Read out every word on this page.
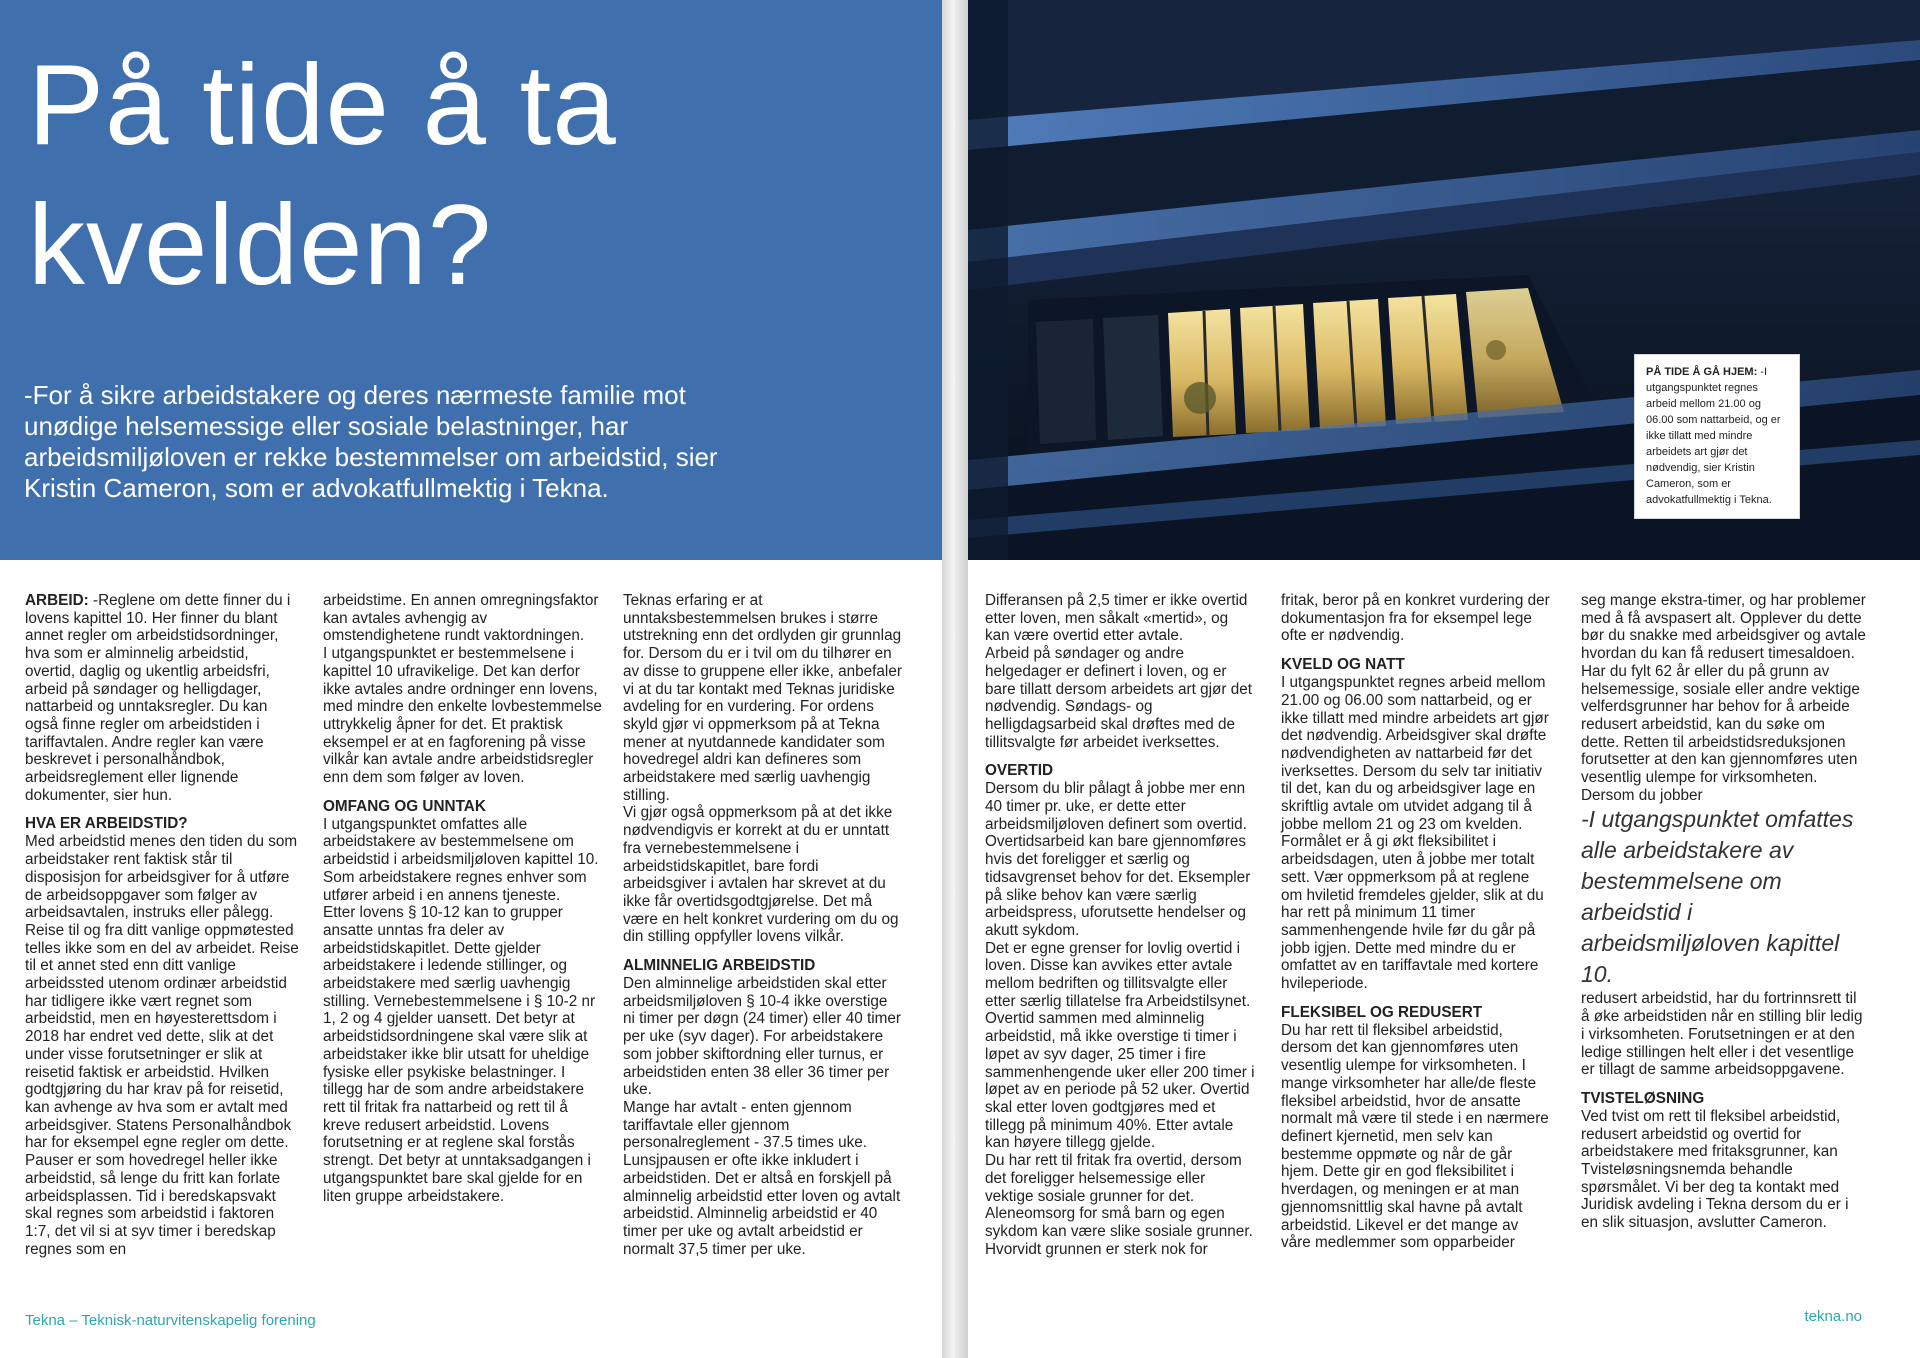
På tide å ta kvelden?

-For å sikre arbeidstakere og deres nærmeste familie mot unødige helsemessige eller sosiale belastninger, har arbeidsmiljøloven er rekke bestemmelser om arbeidstid, sier Kristin Cameron, som er advokatfullmektig i Tekna.

ARBEID: -Reglene om dette finner du i lovens kapittel 10. Her finner du blant annet regler om arbeidstidsordninger, hva som er alminnelig arbeidstid, overtid, daglig og ukentlig arbeidsfri, arbeid på søndager og helligdager, nattarbeid og unntaksregler. Du kan også finne regler om arbeidstiden i tariffavtalen. Andre regler kan være beskrevet i personalhåndbok, arbeidsreglement eller lignende dokumenter, sier hun.

HVA ER ARBEIDSTID?

Med arbeidstid menes den tiden du som arbeidstaker rent faktisk står til disposisjon for arbeidsgiver for å utføre de arbeidsoppgaver som følger av arbeidsavtalen, instruks eller pålegg. Reise til og fra ditt vanlige oppmøtested telles ikke som en del av arbeidet. Reise til et annet sted enn ditt vanlige arbeidssted utenom ordinær arbeidstid har tidligere ikke vært regnet som arbeidstid, men en høyesterettsdom i 2018 har endret ved dette, slik at det under visse forutsetninger er slik at reisetid faktisk er arbeidstid. Hvilken godtgjøring du har krav på for reisetid, kan avhenge av hva som er avtalt med arbeidsgiver. Statens Personalhåndbok har for eksempel egne regler om dette. Pauser er som hovedregel heller ikke arbeidstid, så lenge du fritt kan forlate arbeidsplassen. Tid i beredskapsvakt skal regnes som arbeidstid i faktoren 1:7, det vil si at syv timer i beredskap regnes som en

arbeidstime. En annen omregningsfaktor kan avtales avhengig av omstendighetene rundt vaktordningen.

I utgangspunktet er bestemmelsene i kapittel 10 ufravikelige. Det kan derfor ikke avtales andre ordninger enn lovens, med mindre den enkelte lovbestemmelse uttrykkelig åpner for det. Et praktisk eksempel er at en fagforening på visse vilkår kan avtale andre arbeidstidsregler enn dem som følger av loven.

OMFANG OG UNNTAK

I utgangspunktet omfattes alle arbeidstakere av bestemmelsene om arbeidstid i arbeidsmiljøloven kapittel 10. Som arbeidstakere regnes enhver som utfører arbeid i en annens tjeneste.

Etter lovens § 10-12 kan to grupper ansatte unntas fra deler av arbeidstidskapitlet. Dette gjelder arbeidstakere i ledende stillinger, og arbeidstakere med særlig uavhengig stilling. Vernebestemmelsene i § 10-2 nr 1, 2 og 4 gjelder uansett. Det betyr at arbeidstidsordningene skal være slik at arbeidstaker ikke blir utsatt for uheldige fysiske eller psykiske belastninger. I tillegg har de som andre arbeidstakere rett til fritak fra nattarbeid og rett til å kreve redusert arbeidstid. Lovens forutsetning er at reglene skal forstås strengt. Det betyr at unntaksadgangen i utgangspunktet bare skal gjelde for en liten gruppe arbeidstakere.

Teknas erfaring er at unntaksbestemmelsen brukes i større utstrekning enn det ordlyden gir grunnlag for. Dersom du er i tvil om du tilhører en av disse to gruppene eller ikke, anbefaler vi at du tar kontakt med Teknas juridiske avdeling for en vurdering. For ordens skyld gjør vi oppmerksom på at Tekna mener at nyutdannede kandidater som hovedregel aldri kan defineres som arbeidstakere med særlig uavhengig stilling.

Vi gjør også oppmerksom på at det ikke nødvendigvis er korrekt at du er unntatt fra vernebestemmelsene i arbeidstidskapitlet, bare fordi arbeidsgiver i avtalen har skrevet at du ikke får overtidsgodtgjørelse. Det må være en helt konkret vurdering om du og din stilling oppfyller lovens vilkår.

ALMINNELIG ARBEIDSTID

Den alminnelige arbeidstiden skal etter arbeidsmiljøloven § 10-4 ikke overstige ni timer per døgn (24 timer) eller 40 timer per uke (syv dager). For arbeidstakere som jobber skiftordning eller turnus, er arbeidstiden enten 38 eller 36 timer per uke.

Mange har avtalt - enten gjennom tariffavtale eller gjennom personalreglement - 37.5 times uke. Lunsjpausen er ofte ikke inkludert i arbeidstiden. Det er altså en forskjell på alminnelig arbeidstid etter loven og avtalt arbeidstid. Alminnelig arbeidstid er 40 timer per uke og avtalt arbeidstid er normalt 37,5 timer per uke.

Tekna – Teknisk-naturvitenskapelig forening
PÅ TIDE Å GÅ HJEM: -I utgangspunktet regnes arbeid mellom 21.00 og 06.00 som nattarbeid, og er ikke tillatt med mindre arbeidets art gjør det nødvendig, sier Kristin Cameron, som er advokatfullmektig i Tekna.

Differansen på 2,5 timer er ikke overtid etter loven, men såkalt «mertid», og kan være overtid etter avtale.

Arbeid på søndager og andre helgedager er definert i loven, og er bare tillatt dersom arbeidets art gjør det nødvendig. Søndags- og helligdagsarbeid skal drøftes med de tillitsvalgte før arbeidet iverksettes.

OVERTID

Dersom du blir pålagt å jobbe mer enn 40 timer pr. uke, er dette etter arbeidsmiljøloven definert som overtid. Overtidsarbeid kan bare gjennomføres hvis det foreligger et særlig og tidsavgrenset behov for det. Eksempler på slike behov kan være særlig arbeidspress, uforutsette hendelser og akutt sykdom.

Det er egne grenser for lovlig overtid i loven. Disse kan avvikes etter avtale mellom bedriften og tillitsvalgte eller etter særlig tillatelse fra Arbeidstilsynet. Overtid sammen med alminnelig arbeidstid, må ikke overstige ti timer i løpet av syv dager, 25 timer i fire sammenhengende uker eller 200 timer i løpet av en periode på 52 uker. Overtid skal etter loven godtgjøres med et tillegg på minimum 40%. Etter avtale kan høyere tillegg gjelde.

Du har rett til fritak fra overtid, dersom det foreligger helsemessige eller vektige sosiale grunner for det. Aleneomsorg for små barn og egen sykdom kan være slike sosiale grunner. Hvorvidt grunnen er sterk nok for

fritak, beror på en konkret vurdering der dokumentasjon fra for eksempel lege ofte er nødvendig.

KVELD OG NATT

I utgangspunktet regnes arbeid mellom 21.00 og 06.00 som nattarbeid, og er ikke tillatt med mindre arbeidets art gjør det nødvendig. Arbeidsgiver skal drøfte nødvendigheten av nattarbeid før det iverksettes. Dersom du selv tar initiativ til det, kan du og arbeidsgiver lage en skriftlig avtale om utvidet adgang til å jobbe mellom 21 og 23 om kvelden. Formålet er å gi økt fleksibilitet i arbeidsdagen, uten å jobbe mer totalt sett. Vær oppmerksom på at reglene om hviletid fremdeles gjelder, slik at du har rett på minimum 11 timer sammenhengende hvile før du går på jobb igjen. Dette med mindre du er omfattet av en tariffavtale med kortere hvileperiode.

FLEKSIBEL OG REDUSERT

Du har rett til fleksibel arbeidstid, dersom det kan gjennomføres uten vesentlig ulempe for virksomheten. I mange virksomheter har alle/de fleste fleksibel arbeidstid, hvor de ansatte normalt må være til stede i en nærmere definert kjernetid, men selv kan bestemme oppmøte og når de går hjem. Dette gir en god fleksibilitet i hverdagen, og meningen er at man gjennomsnittlig skal havne på avtalt arbeidstid. Likevel er det mange av våre medlemmer som opparbeider

seg mange ekstra-timer, og har problemer med å få avspasert alt. Opplever du dette bør du snakke med arbeidsgiver og avtale hvordan du kan få redusert timesaldoen.

Har du fylt 62 år eller du på grunn av helsemessige, sosiale eller andre vektige velferdsgrunner har behov for å arbeide redusert arbeidstid, kan du søke om dette. Retten til arbeidstidsreduksjonen forutsetter at den kan gjennomføres uten vesentlig ulempe for virksomheten. Dersom du jobber

-I utgangspunktet omfattes alle arbeidstakere av bestemmelsene om arbeidstid i arbeidsmiljøloven kapittel 10.

redusert arbeidstid, har du fortrinnsrett til å øke arbeidstiden når en stilling blir ledig i virksomheten. Forutsetningen er at den ledige stillingen helt eller i det vesentlige er tillagt de samme arbeidsoppgavene.

TVISTELØSNING

Ved tvist om rett til fleksibel arbeidstid, redusert arbeidstid og overtid for arbeidstakere med fritaksgrunner, kan Tvisteløsningsnemda behandle spørsmålet. Vi ber deg ta kontakt med Juridisk avdeling i Tekna dersom du er i en slik situasjon, avslutter Cameron.

tekna.no
